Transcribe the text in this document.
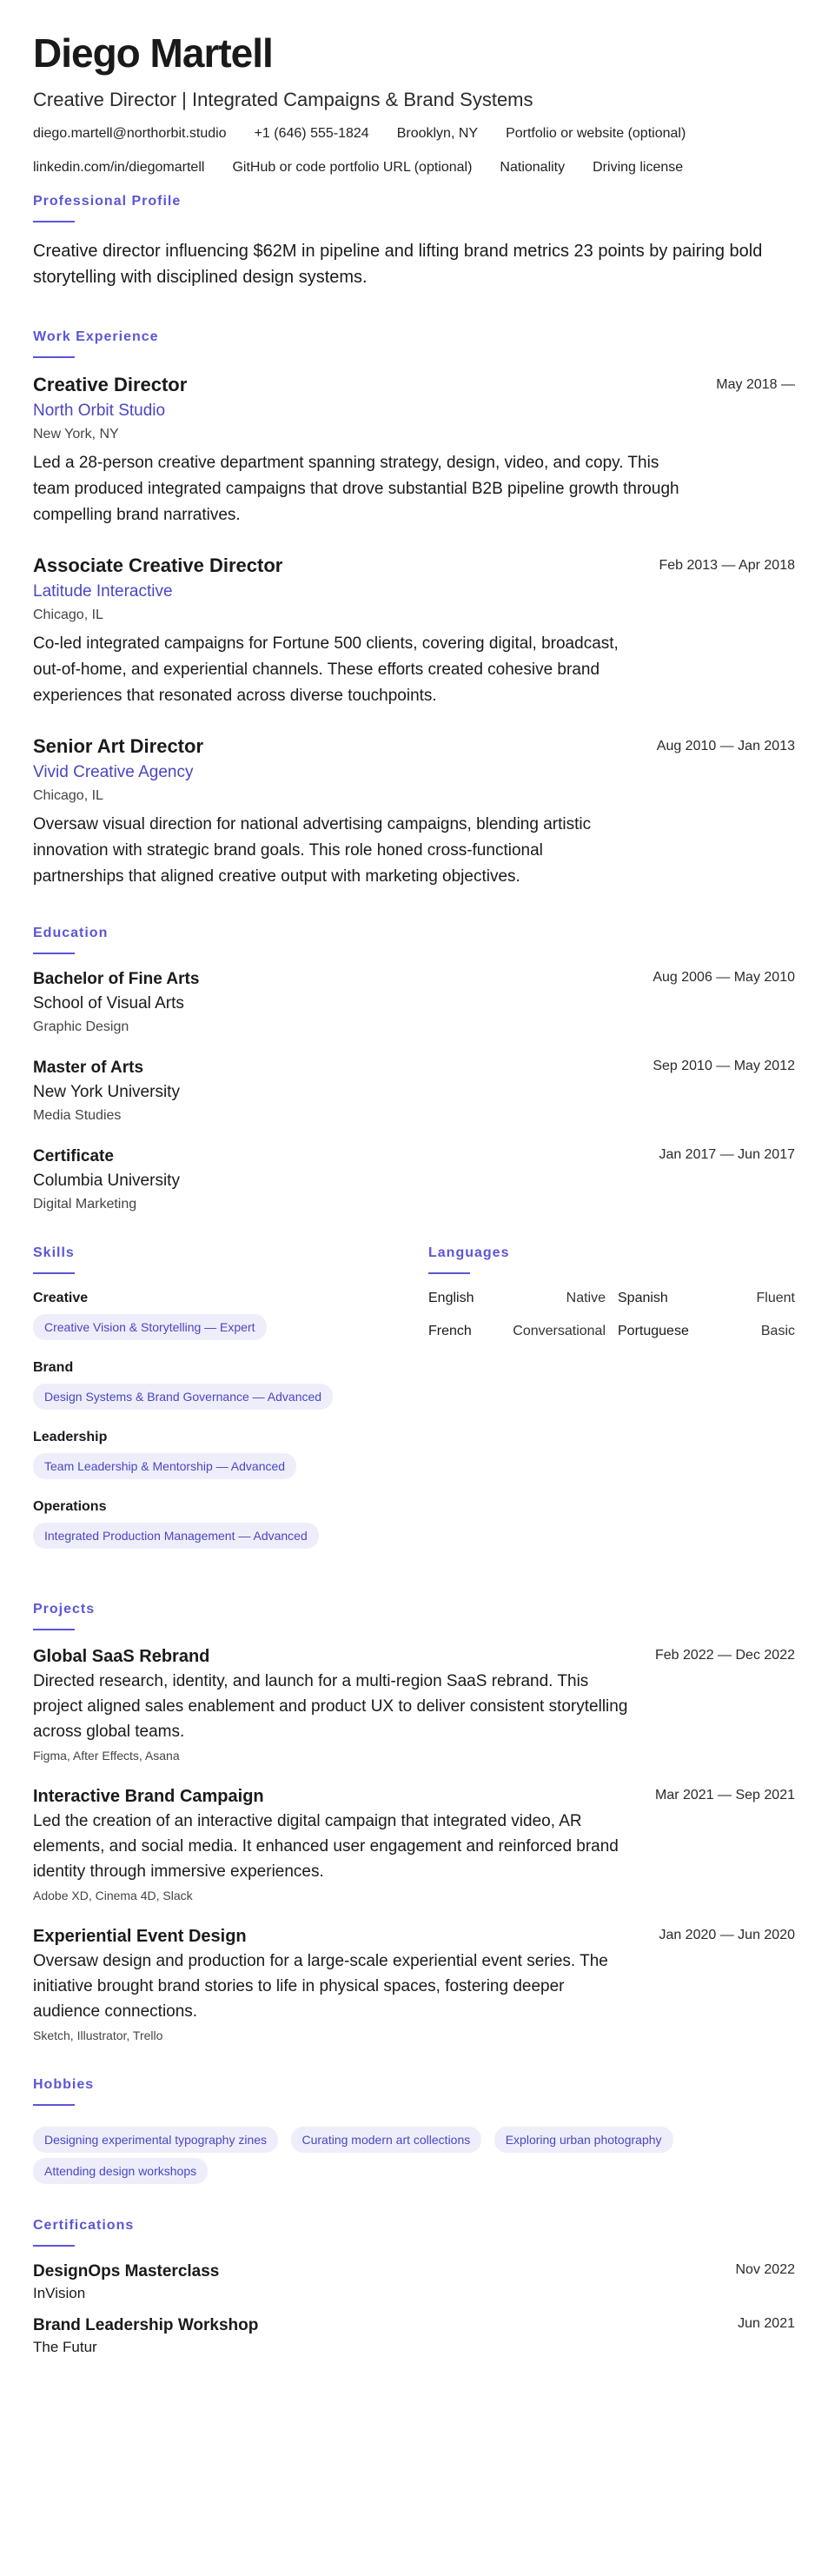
Diego Martell
Creative Director | Integrated Campaigns & Brand Systems
diego.martell@northorbit.studio +1 (646) 555-1824 Brooklyn, NY Portfolio or website (optional)
linkedin.com/in/diegomartell GitHub or code portfolio URL (optional) Nationality Driving license
Professional Profile
Creative director influencing $62M in pipeline and lifting brand metrics 23 points by pairing bold storytelling with disciplined design systems.
Work Experience
Creative Director	May 2018 —
North Orbit Studio
New York, NY
Led a 28-person creative department spanning strategy, design, video, and copy. This team produced integrated campaigns that drove substantial B2B pipeline growth through compelling brand narratives.
Associate Creative Director	Feb 2013 — Apr 2018
Latitude Interactive
Chicago, IL
Co-led integrated campaigns for Fortune 500 clients, covering digital, broadcast, out-of-home, and experiential channels. These efforts created cohesive brand experiences that resonated across diverse touchpoints.
Senior Art Director	Aug 2010 — Jan 2013
Vivid Creative Agency
Chicago, IL
Oversaw visual direction for national advertising campaigns, blending artistic innovation with strategic brand goals. This role honed cross-functional partnerships that aligned creative output with marketing objectives.
Education
Bachelor of Fine Arts	Aug 2006 — May 2010
School of Visual Arts
Graphic Design
Master of Arts	Sep 2010 — May 2012
New York University
Media Studies
Certificate	Jan 2017 — Jun 2017
Columbia University
Digital Marketing
Skills
Creative
Creative Vision & Storytelling — Expert
Brand
Design Systems & Brand Governance — Advanced
Leadership
Team Leadership & Mentorship — Advanced
Operations
Integrated Production Management — Advanced
Languages
English	Native Spanish	Fluent
French	Conversational Portuguese	Basic
Projects
Global SaaS Rebrand	Feb 2022 — Dec 2022
Directed research, identity, and launch for a multi-region SaaS rebrand. This project aligned sales enablement and product UX to deliver consistent storytelling across global teams.
Figma, After Effects, Asana
Interactive Brand Campaign	Mar 2021 — Sep 2021
Led the creation of an interactive digital campaign that integrated video, AR elements, and social media. It enhanced user engagement and reinforced brand identity through immersive experiences.
Adobe XD, Cinema 4D, Slack
Experiential Event Design	Jan 2020 — Jun 2020
Oversaw design and production for a large-scale experiential event series. The initiative brought brand stories to life in physical spaces, fostering deeper audience connections.
Sketch, Illustrator, Trello
Hobbies
Designing experimental typography zines	Curating modern art collections	Exploring urban photography Attending design workshops
Certifications
DesignOps Masterclass	Nov 2022
InVision
Brand Leadership Workshop	Jun 2021
The Futur
